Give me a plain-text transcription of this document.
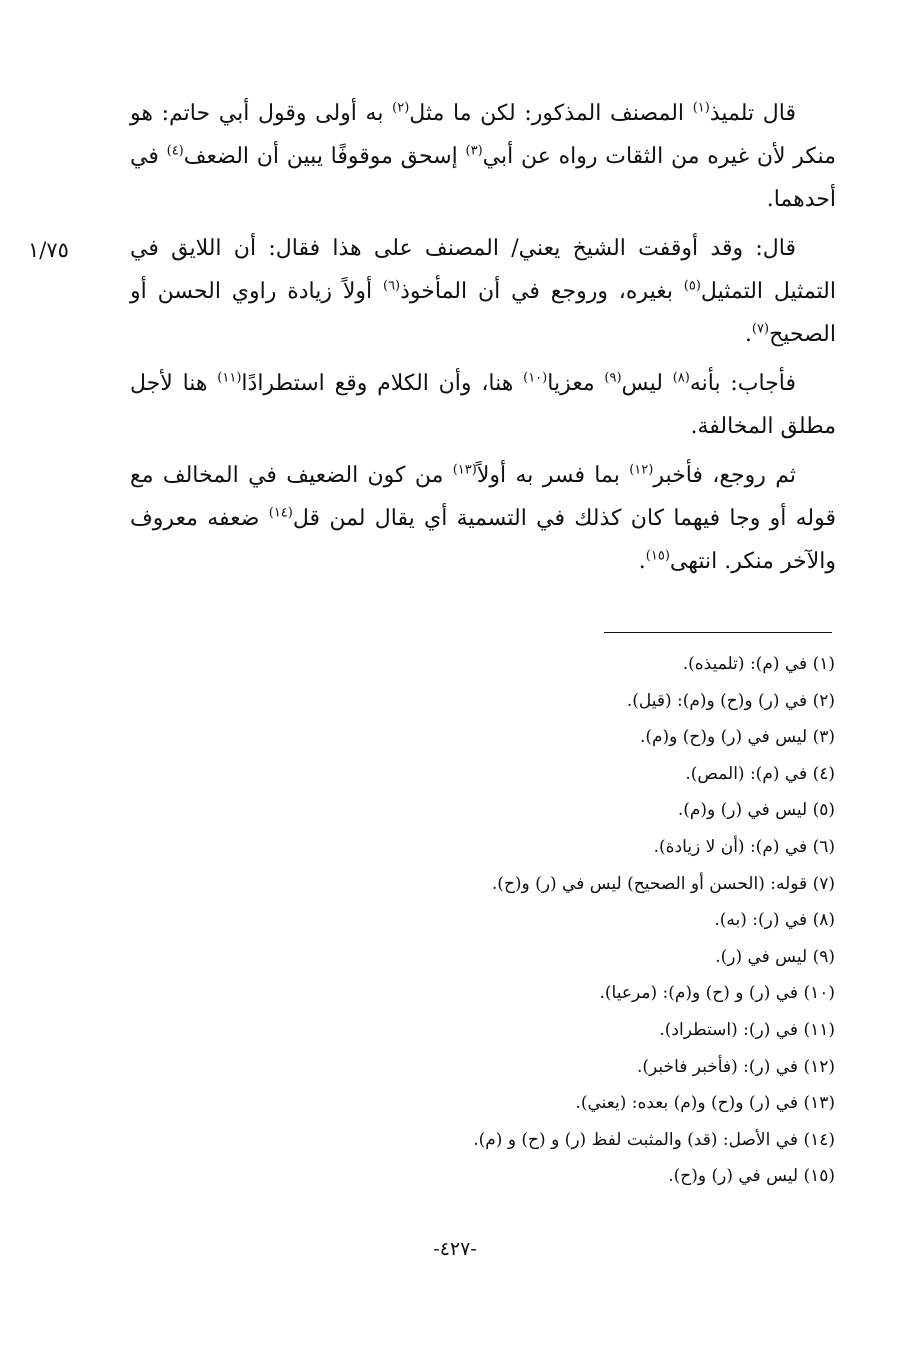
قال تلميذ$^{(١)}$ المصنف المذكور: لكن ما مثل$^{(٢)}$ به أولى وقول أبي حاتم: هو منكر لأن غيره من الثقات رواه عن أبي$^{(٣)}$ إسحق موقوفًا يبين أن الضعف$^{(٤)}$ في أحدهما.

قال: وقد أوقفت الشيخ يعني/ المصنف على هذا فقال: أن اللايق في التمثيل التمثيل$^{(٥)}$ بغيره، وروجع في أن المأخوذ$^{(٦)}$ أولاً زيادة راوي الحسن أو الصحيح$^{(٧)}$.

فأجاب: بأنه$^{(٨)}$ ليس$^{(٩)}$ معزيا$^{(١٠)}$ هنا، وأن الكلام وقع استطرادًا$^{(١١)}$ هنا لأجل مطلق المخالفة.

ثم روجع، فأخبر$^{(١٢)}$ بما فسر به أولاً$^{(١٣)}$ من كون الضعيف في المخالف مع قوله أو وجا فيهما كان كذلك في التسمية أي يقال لمن قل$^{(١٤)}$ ضعفه معروف والآخر منكر. انتهى$^{(١٥)}$.

١/٧٥
(١) في (م): (تلميذه).
(٢) في (ر) و(ح) و(م): (قيل).
(٣) ليس في (ر) و(ح) و(م).
(٤) في (م): (المص).
(٥) ليس في (ر) و(م).
(٦) في (م): (أن لا زيادة).
(٧) قوله: (الحسن أو الصحيح) ليس في (ر) و(ح).
(٨) في (ر): (به).
(٩) ليس في (ر).
(١٠) في (ر) و (ح) و(م): (مرعيا).
(١١) في (ر): (استطراد).
(١٢) في (ر): (فأخبر فاخبر).
(١٣) في (ر) و(ح) و(م) بعده: (يعني).
(١٤) في الأصل: (قد) والمثبت لفظ (ر) و (ح) و (م).
(١٥) ليس في (ر) و(ح).
-٤٢٧-
